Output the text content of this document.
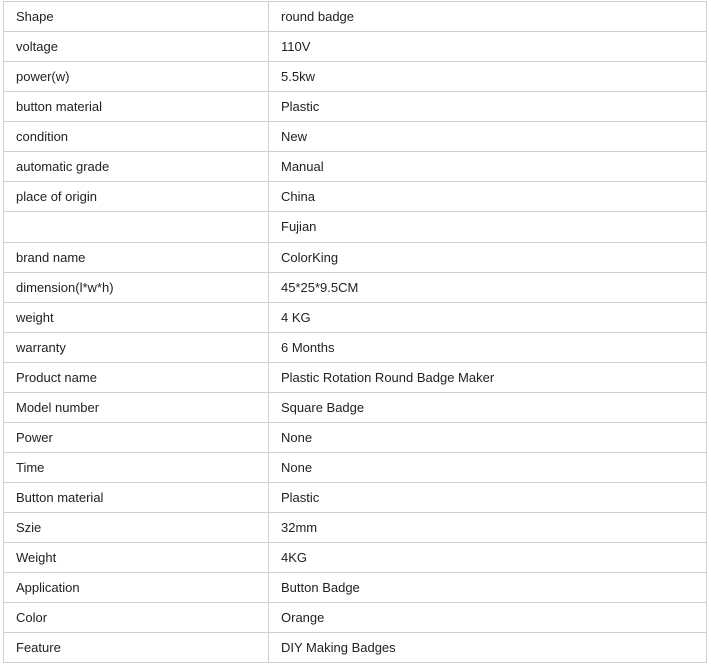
Shape	round badge
voltage	110V
power(w)	5.5kw
button material	Plastic
condition	New
automatic grade	Manual
place of origin	China
	Fujian
brand name	ColorKing
dimension(l*w*h)	45*25*9.5CM
weight	4 KG
warranty	6 Months
Product name	Plastic Rotation Round Badge Maker
Model number	Square Badge
Power	None
Time	None
Button material	Plastic
Szie	32mm
Weight	4KG
Application	Button Badge
Color	Orange
Feature	DIY Making Badges
